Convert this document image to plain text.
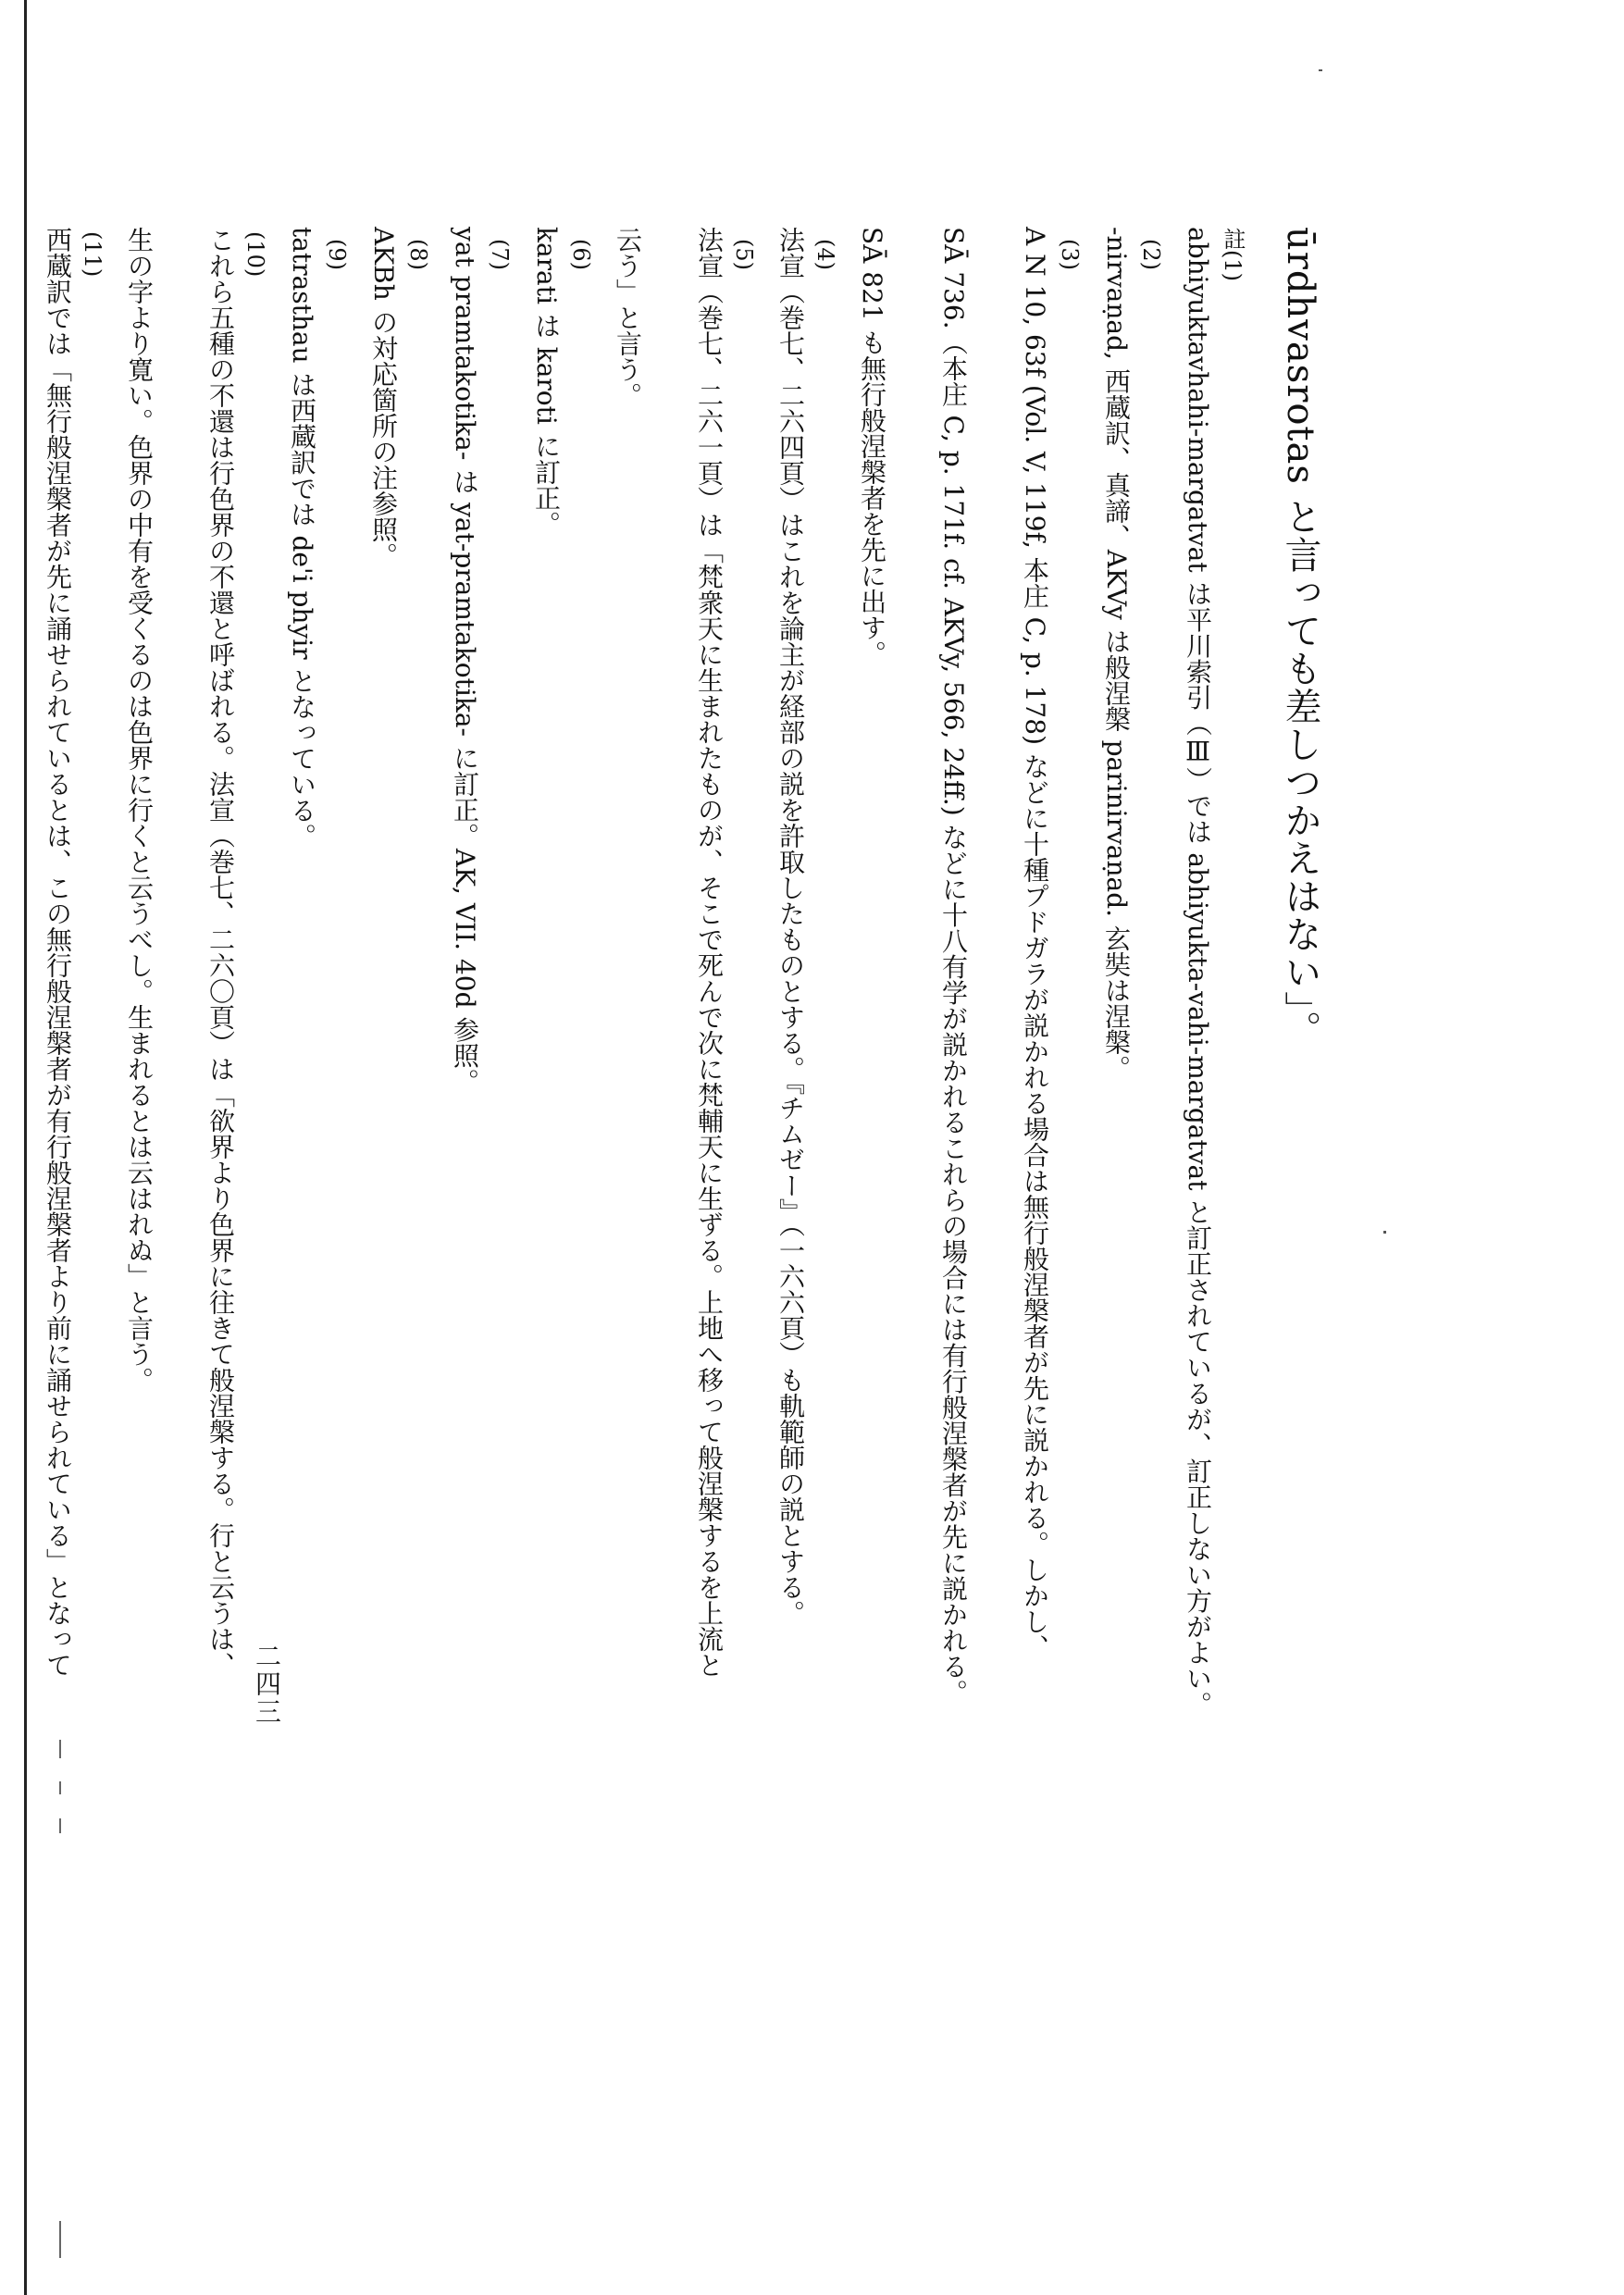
ūrdhvasrotas と言っても差しつかえはない」。
註(1)
abhiyuktavhahi-margatvat は平川索引（Ⅲ）では abhiyukta-vahi-margatvat と訂正されているが、訂正しない方がよい。
(2)
-nirvaṇad, 西蔵訳、真諦、AKVy は般涅槃 parinirvaṇad. 玄奘は涅槃。
(3)
A N 10, 63f (Vol. V, 119f, 本庄 C, p. 178) などに十種プドガラが説かれる場合は無行般涅槃者が先に説かれる。しかし、
SĀ 736.（本庄 C, p. 171f. cf. AKVy, 566, 24ff.) などに十八有学が説かれるこれらの場合には有行般涅槃者が先に説かれる。
SĀ 821 も無行般涅槃者を先に出す。
(4)
法宣（巻七、二六四頁）はこれを論主が経部の説を許取したものとする。『チムゼー』（一六六頁）も軌範師の説とする。
(5)
法宣（巻七、二六一頁）は「梵衆天に生まれたものが、そこで死んで次に梵輔天に生ずる。上地へ移って般涅槃するを上流と
云う」と言う。
(6)
karati は karoti に訂正。
(7)
yat pramtakotika- は yat-pramtakotika- に訂正。AK, VII. 40d 参照。
(8)
AKBh の対応箇所の注参照。
(9)
tatrasthau は西蔵訳では de'i phyir となっている。
(10)
これら五種の不還は行色界の不還と呼ばれる。法宣（巻七、二六〇頁）は「欲界より色界に往きて般涅槃する。行と云うは、
生の字より寛い。色界の中有を受くるのは色界に行くと云うべし。生まれるとは云はれぬ」と言う。
(11)
西蔵訳では「無行般涅槃者が先に誦せられているとは、この無行般涅槃者が有行般涅槃者より前に誦せられている」となって
二四三
